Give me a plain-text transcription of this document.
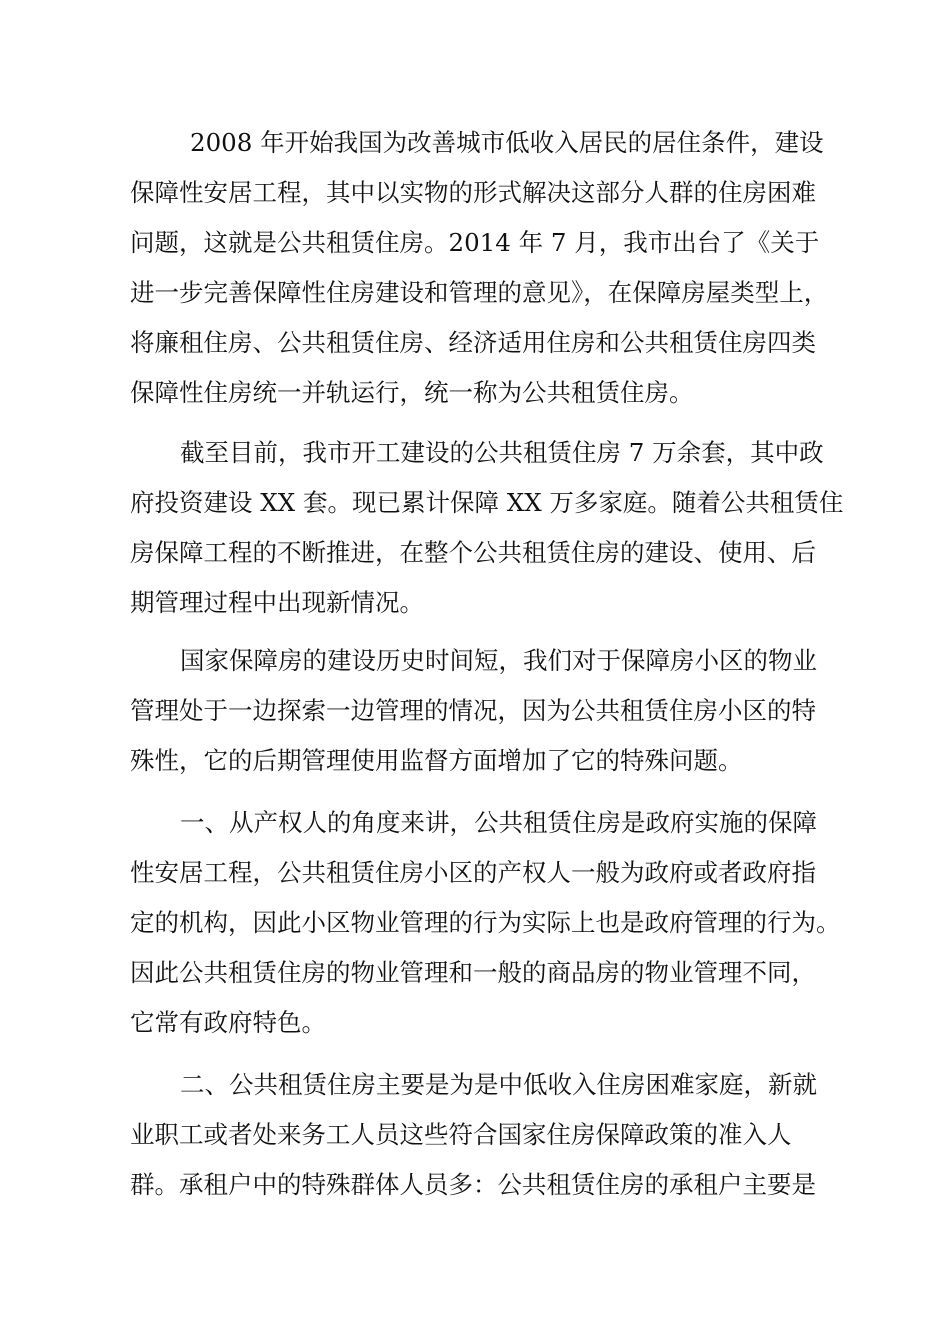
2008 年开始我国为改善城市低收入居民的居住条件，建设

保障性安居工程，其中以实物的形式解决这部分人群的住房困难

问题，这就是公共租赁住房。2014 年 7 月，我市出台了《关于

进一步完善保障性住房建设和管理的意见》，在保障房屋类型上，

将廉租住房、公共租赁住房、经济适用住房和公共租赁住房四类

保障性住房统一并轨运行，统一称为公共租赁住房。

截至目前，我市开工建设的公共租赁住房 7 万余套，其中政

府投资建设 XX 套。现已累计保障 XX 万多家庭。随着公共租赁住

房保障工程的不断推进，在整个公共租赁住房的建设、使用、后

期管理过程中出现新情况。

国家保障房的建设历史时间短，我们对于保障房小区的物业

管理处于一边探索一边管理的情况，因为公共租赁住房小区的特

殊性，它的后期管理使用监督方面增加了它的特殊问题。

一、从产权人的角度来讲，公共租赁住房是政府实施的保障

性安居工程，公共租赁住房小区的产权人一般为政府或者政府指

定的机构，因此小区物业管理的行为实际上也是政府管理的行为。

因此公共租赁住房的物业管理和一般的商品房的物业管理不同，

它常有政府特色。

二、公共租赁住房主要是为是中低收入住房困难家庭，新就

业职工或者处来务工人员这些符合国家住房保障政策的准入人

群。承租户中的特殊群体人员多：公共租赁住房的承租户主要是
